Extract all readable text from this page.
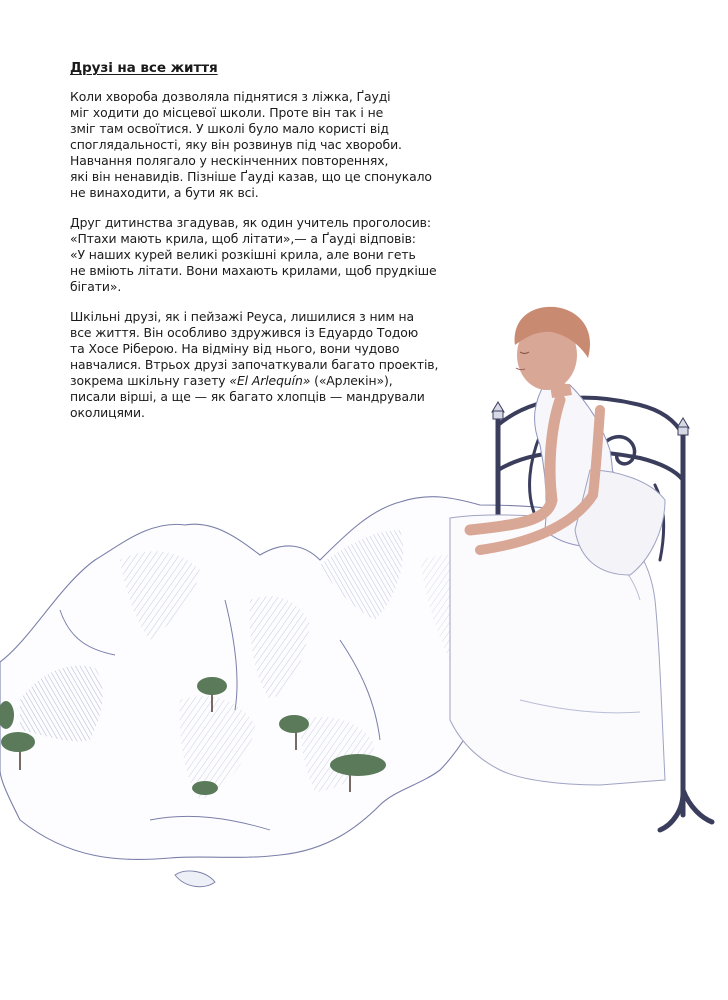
Друзі на все життя

Коли хвороба дозволяла піднятися з ліжка, Ґауді
міг ходити до місцевої школи. Проте він так і не
зміг там освоїтися. У школі було мало користі від
споглядальності, яку він розвинув під час хвороби.
Навчання полягало у нескінченних повтореннях,
які він ненавидів. Пізніше Ґауді казав, що це спонукало
не винаходити, а бути як всі.

Друг дитинства згадував, як один учитель проголосив:
«Птахи мають крила, щоб літати»,— а Ґауді відповів:
«У наших курей великі розкішні крила, але вони геть
не вміють літати. Вони махають крилами, щоб прудкіше
бігати».

Шкільні друзі, як і пейзажі Реуса, лишилися з ним на
все життя. Він особливо здружився із Едуардо Тодою
та Хосе Ріберою. На відміну від нього, вони чудово
навчалися. Втрьох друзі започаткували багато проектів,
зокрема шкільну газету «El Arlequín» («Арлекін»),
писали вірші, а ще — як багато хлопців — мандрували
околицями.
